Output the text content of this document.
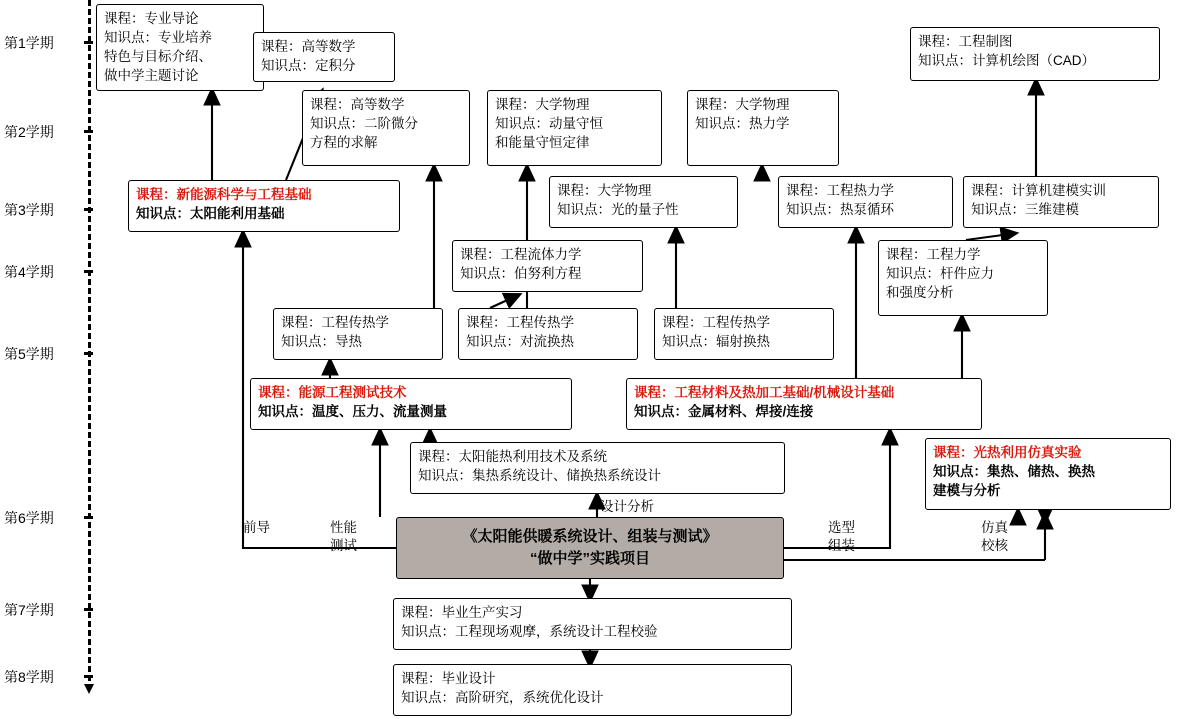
第1学期
第2学期
第3学期
第4学期
第5学期
第6学期
第7学期
第8学期
课程：专业导论
知识点：专业培养
特色与目标介绍、
做中学主题讨论
课程：高等数学
知识点：定积分
课程：工程制图
知识点：计算机绘图（CAD）
课程：高等数学
知识点：二阶微分
方程的求解
课程：大学物理
知识点：动量守恒
和能量守恒定律
课程：大学物理
知识点：热力学
课程：新能源科学与工程基础
知识点：太阳能利用基础
课程：大学物理
知识点：光的量子性
课程：工程热力学
知识点：热泵循环
课程：计算机建模实训
知识点：三维建模
课程：工程力学
知识点：杆件应力
和强度分析
课程：工程流体力学
知识点：伯努利方程
课程：工程传热学
知识点：导热
课程：工程传热学
知识点：对流换热
课程：工程传热学
知识点：辐射换热
课程：能源工程测试技术
知识点：温度、压力、流量测量
课程：工程材料及热加工基础/机械设计基础
知识点：金属材料、焊接/连接
课程：太阳能热利用技术及系统
知识点：集热系统设计、储换热系统设计
课程：光热利用仿真实验
知识点：集热、储热、换热
建模与分析
课程：毕业生产实习
知识点：工程现场观摩，系统设计工程校验
课程：毕业设计
知识点：高阶研究，系统优化设计
《太阳能供暖系统设计、组装与测试》
“做中学”实践项目
前导	性能
测试
设计分析
选型
组装
仿真
校核
